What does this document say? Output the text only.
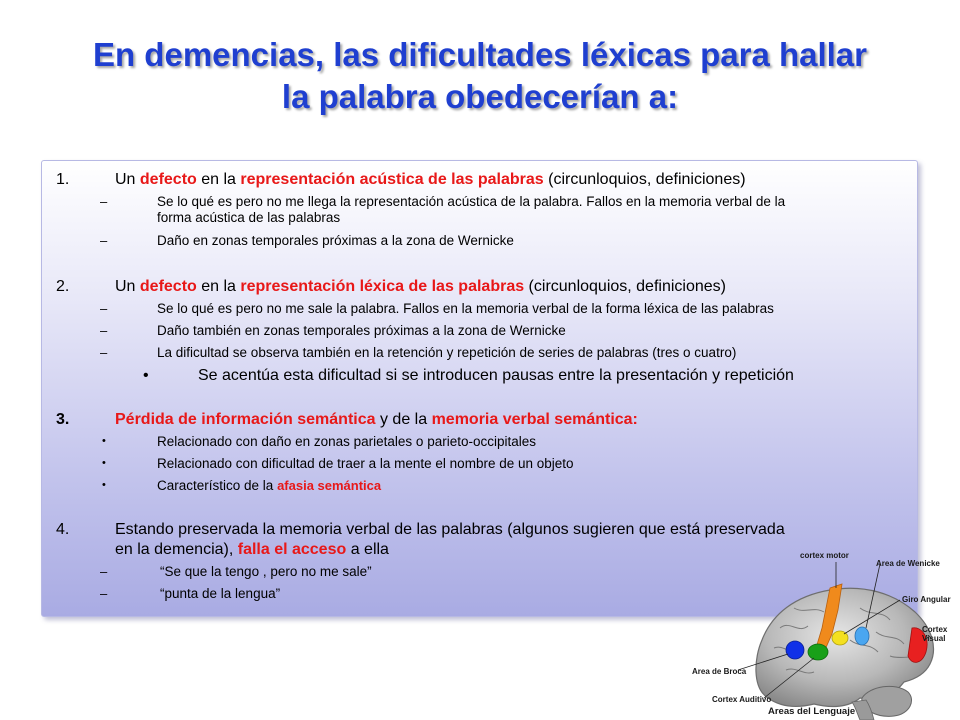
En demencias, las dificultades léxicas para hallar
la palabra obedecerían a:
1.	Un defecto en la representación acústica de las palabras (circunloquios, definiciones)
–	Se lo qué es pero no me llega la representación acústica de la palabra. Fallos en la memoria verbal de la
forma acústica de las palabras
–	Daño en zonas temporales próximas a la zona de Wernicke
2.	Un defecto en la representación léxica de las palabras (circunloquios, definiciones)
–	Se lo qué es pero no me sale la palabra. Fallos en la memoria verbal de la forma léxica de las palabras
–	Daño también en zonas temporales próximas a la zona de Wernicke
–	La dificultad se observa también en la retención y repetición de series de palabras (tres o cuatro)
•	Se acentúa esta dificultad si se introducen pausas entre la presentación y repetición
3.	Pérdida de información semántica y de la memoria verbal semántica:
•	Relacionado con daño en zonas parietales o parieto-occipitales
•	Relacionado con dificultad de traer a la mente el nombre de un objeto
•	Característico de la afasia semántica
4.	Estando preservada la memoria verbal de las palabras (algunos sugieren que está preservada
en la demencia), falla el acceso a ella
–	“Se que la tengo , pero no me sale”
–	“punta de la lengua”
cortex motor
Area de Wenicke
Giro Angular
Cortex
Visual
Area de Broca
Cortex Auditivo
Areas del Lenguaje
